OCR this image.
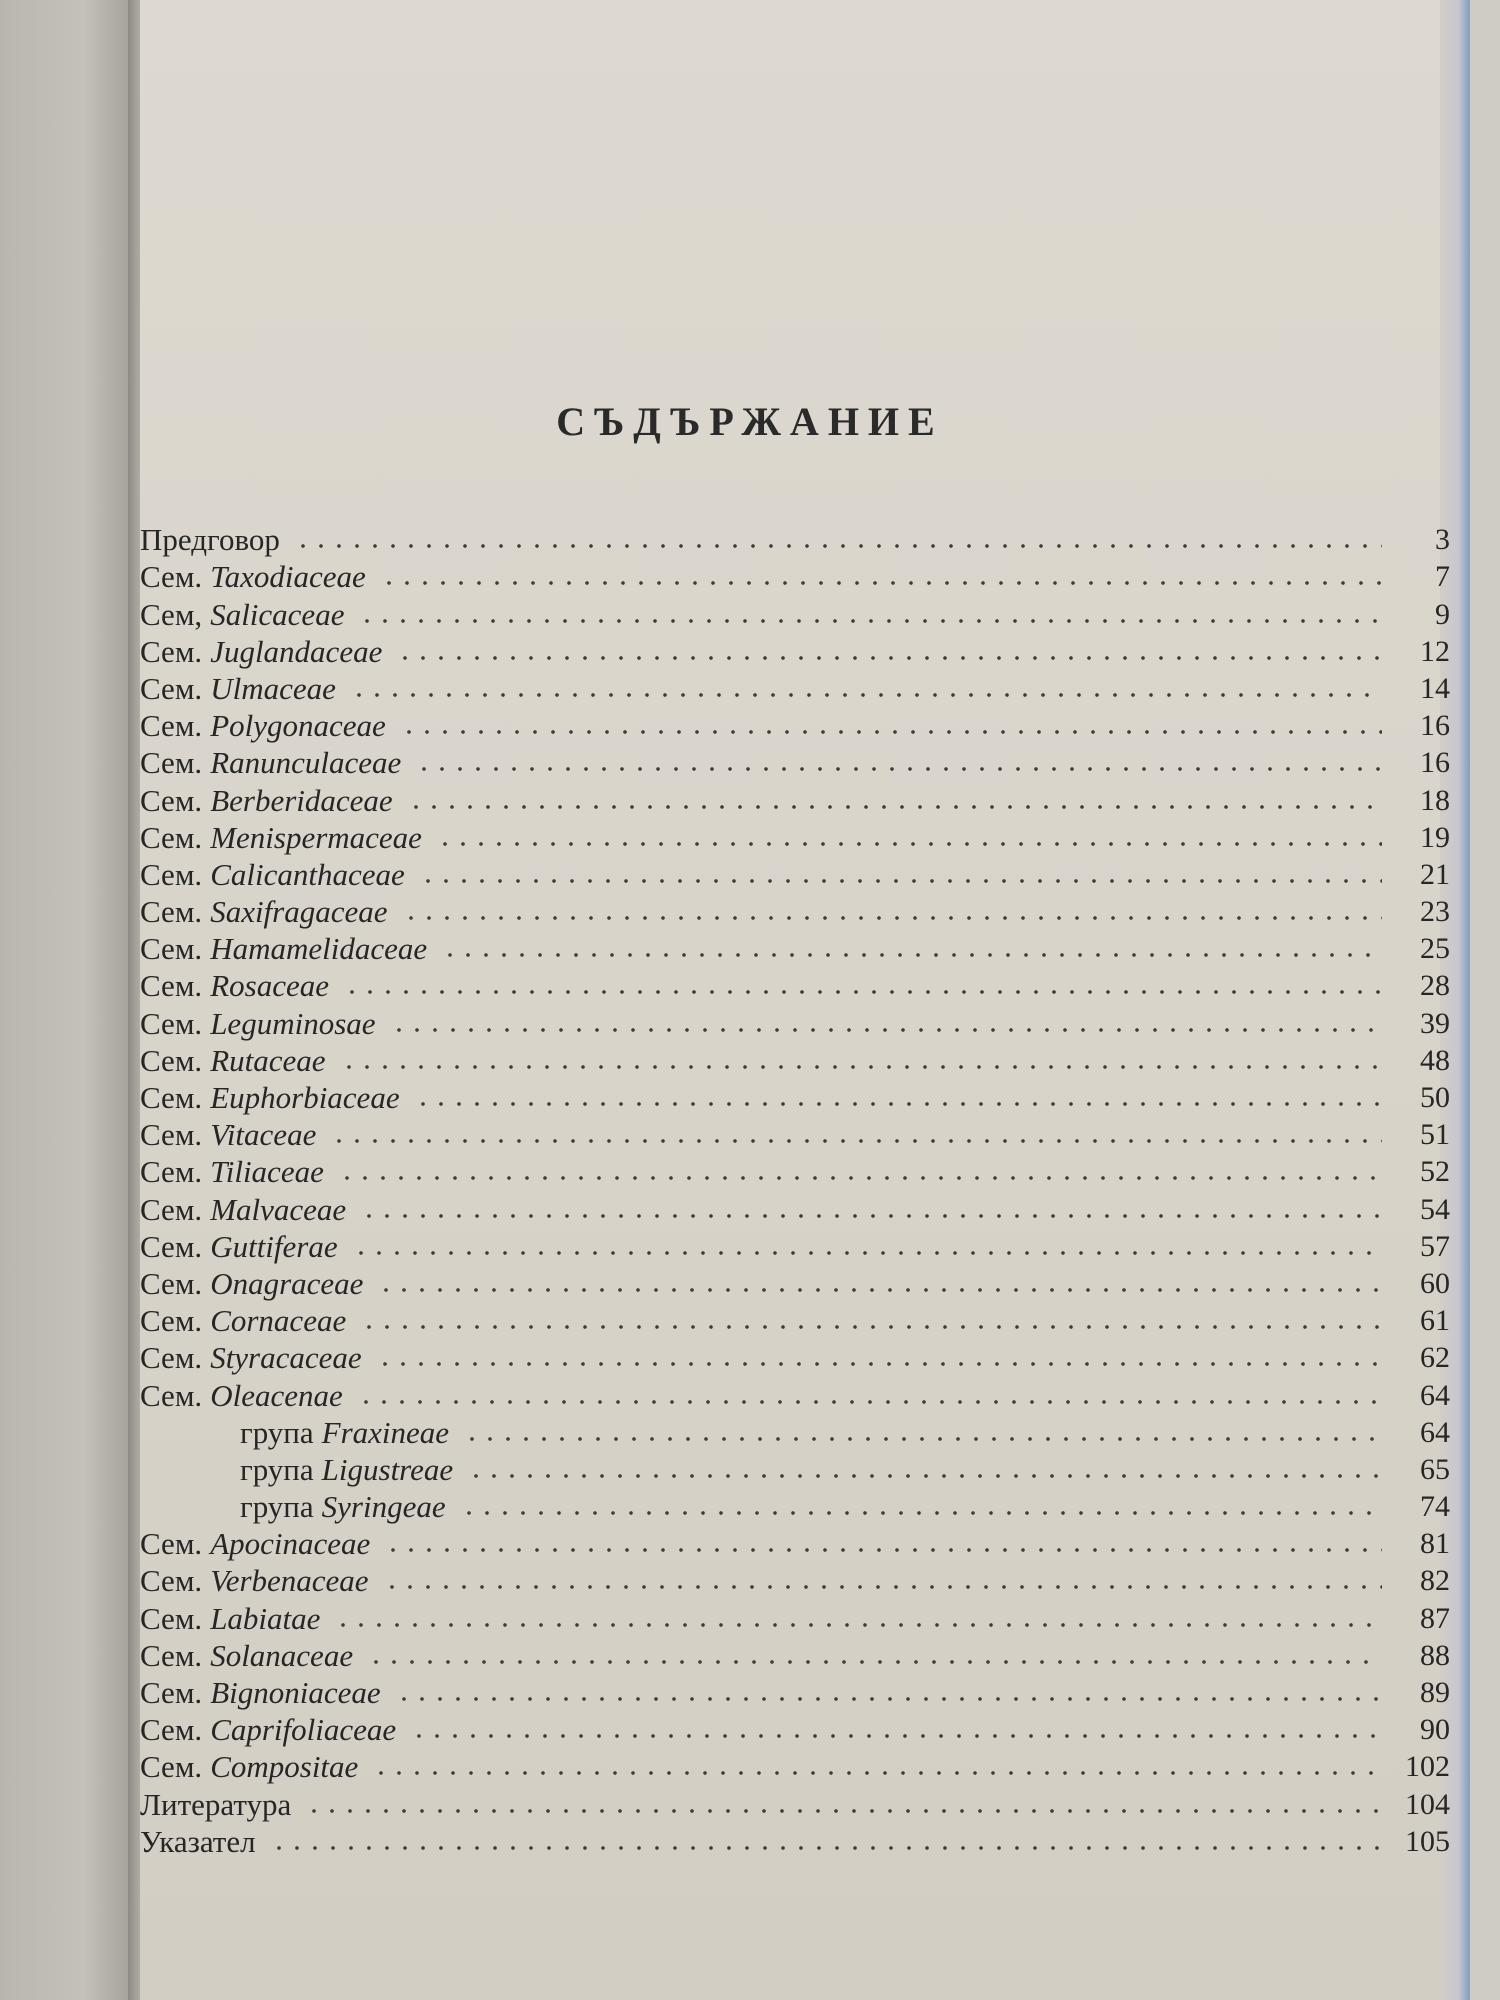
СЪДЪРЖАНИЕ
Предговор	3
Сем. Taxodiaceae	7
Сем, Salicaceae	9
Сем. Juglandaceae	12
Сем. Ulmaceae	14
Сем. Polygonaceae	16
Сем. Ranunculaceae	16
Сем. Berberidaceae	18
Сем. Menispermaceae	19
Сем. Calicanthaceae	21
Сем. Saxifragaceae	23
Сем. Hamamelidaceae	25
Сем. Rosaceae	28
Сем. Leguminosae	39
Сем. Rutaceae	48
Сем. Euphorbiaceae	50
Сем. Vitaceae	51
Сем. Tiliaceae	52
Сем. Malvaceae	54
Сем. Guttiferae	57
Сем. Onagraceae	60
Сем. Cornaceae	61
Сем. Styracaceae	62
Сем. Oleacenae	64
група Fraxineae	64
група Ligustreae	65
група Syringeae	74
Сем. Apocinaceae	81
Сем. Verbenaceae	82
Сем. Labiatae	87
Сем. Solanaceae	88
Сем. Bignoniaceae	89
Сем. Caprifoliaceae	90
Сем. Compositae	102
Литература	104
Указател	105
